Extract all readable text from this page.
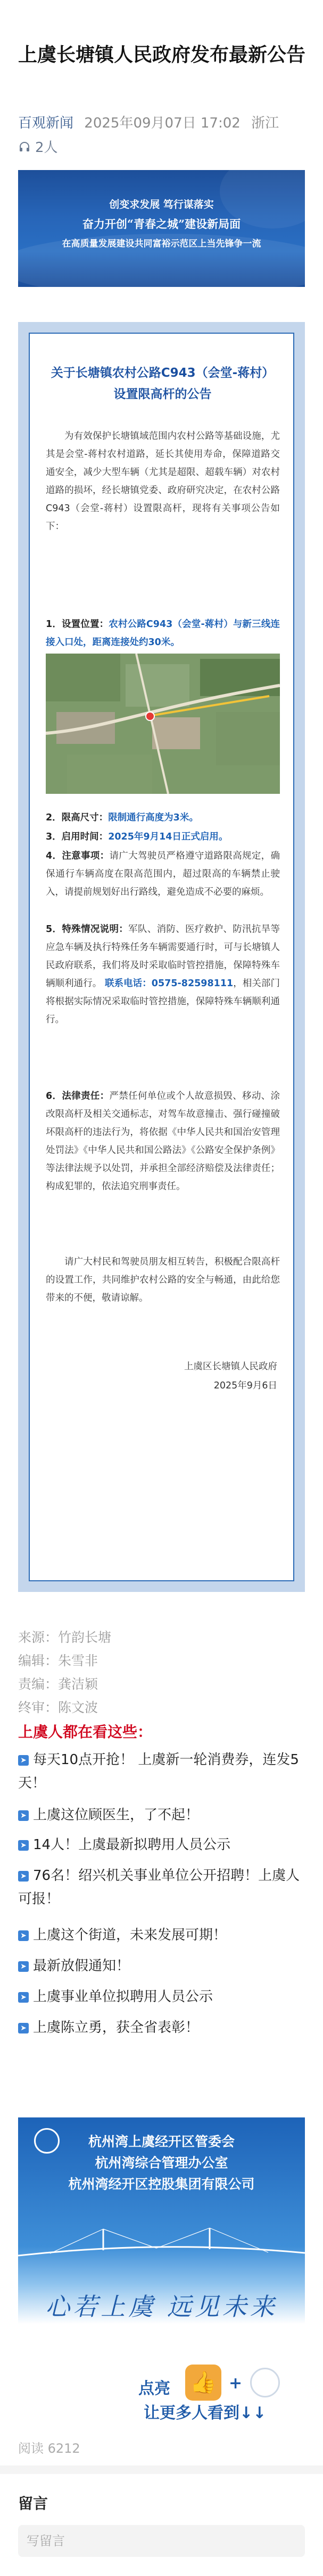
上虞长塘镇人民政府发布最新公告
百观新闻 2025年09月07日 17:02 浙江
2人
创变求发展 笃行谋落实
奋力开创“青春之城”建设新局面
在高质量发展建设共同富裕示范区上当先锋争一流
关于长塘镇农村公路C943（会堂-蒋村）
设置限高杆的公告
为有效保护长塘镇域范围内农村公路等基础设施，尤其是会堂-蒋村农村道路，延长其使用寿命，保障道路交通安全，减少大型车辆（尤其是超限、超载车辆）对农村道路的损坏，经长塘镇党委、政府研究决定，在农村公路C943（会堂-蒋村）设置限高杆，现将有关事项公告如下：
1．设置位置：农村公路C943（会堂-蒋村）与新三线连接入口处，距离连接处约30米。
2．限高尺寸：限制通行高度为3米。
3．启用时间：2025年9月14日正式启用。
4．注意事项：请广大驾驶员严格遵守道路限高规定，确保通行车辆高度在限高范围内，超过限高的车辆禁止驶入，请提前规划好出行路线，避免造成不必要的麻烦。
5．特殊情况说明：军队、消防、医疗救护、防汛抗旱等应急车辆及执行特殊任务车辆需要通行时，可与长塘镇人民政府联系，我们将及时采取临时管控措施，保障特殊车辆顺利通行。 联系电话：0575-82598111，相关部门将根据实际情况采取临时管控措施，保障特殊车辆顺利通行。
6．法律责任：严禁任何单位或个人故意损毁、移动、涂改限高杆及相关交通标志，对驾车故意撞击、强行碰撞破坏限高杆的违法行为，将依据《中华人民共和国治安管理处罚法》《中华人民共和国公路法》《公路安全保护条例》等法律法规予以处罚，并承担全部经济赔偿及法律责任；构成犯罪的，依法追究刑事责任。
请广大村民和驾驶员朋友相互转告，积极配合限高杆的设置工作，共同维护农村公路的安全与畅通，由此给您带来的不便，敬请谅解。
上虞区长塘镇人民政府
2025年9月6日
来源：竹韵长塘
编辑：朱雪非
责编：龚洁颖
终审：陈文波
上虞人都在看这些：
➤ 每天10点开抢！ 上虞新一轮消费券，连发5天！
➤ 上虞这位顾医生，了不起！
➤ 14人！上虞最新拟聘用人员公示
➤ 76名！绍兴机关事业单位公开招聘！上虞人可报！
➤ 上虞这个街道，未来发展可期！
➤ 最新放假通知！
➤ 上虞事业单位拟聘用人员公示
➤ 上虞陈立勇，获全省表彰！
杭州湾上虞经开区管委会
杭州湾综合管理办公室
杭州湾经开区控股集团有限公司
心若上虞 远见未来
点亮 👍 +
让更多人看到↓↓
阅读 6212
留言
写留言
